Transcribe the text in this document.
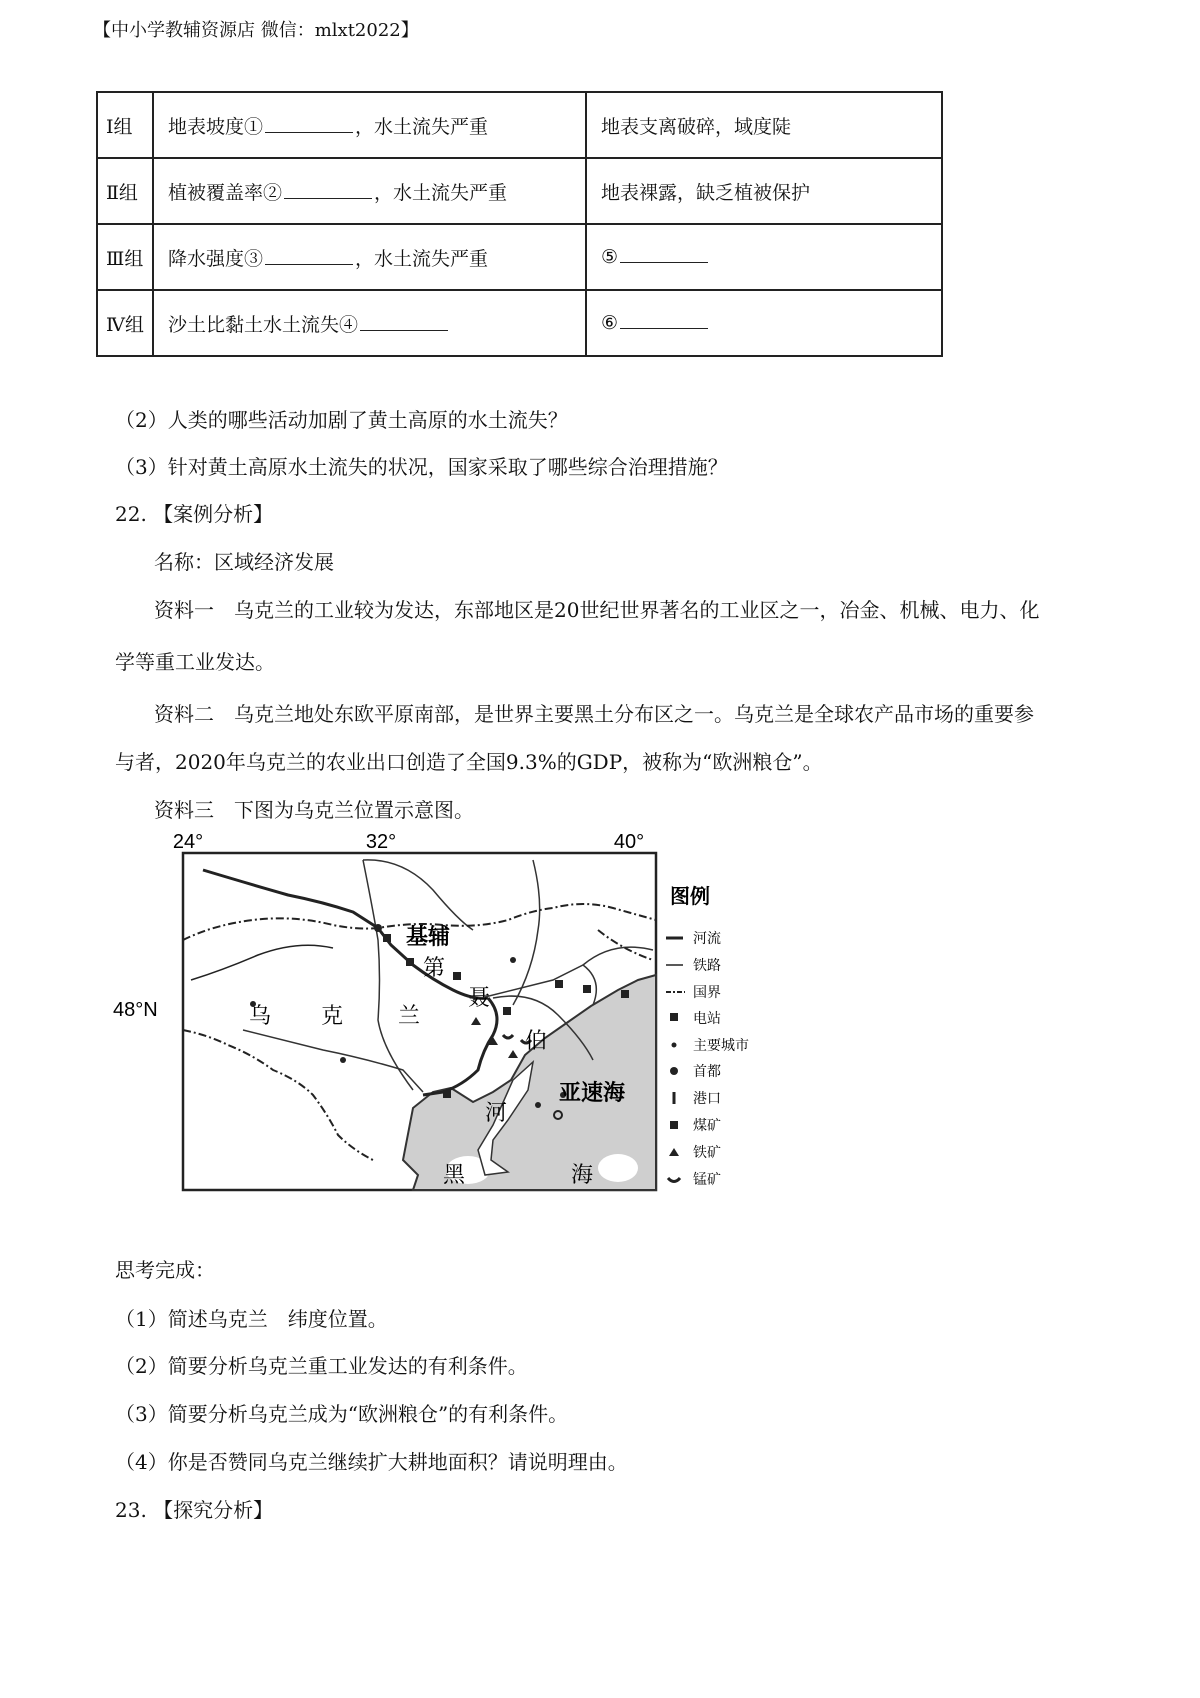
【中小学教辅资源店 微信：mlxt2022】
Ⅰ组	地表坡度① ，水土流失严重	地表支离破碎，域度陡
Ⅱ组	植被覆盖率② ，水土流失严重	地表裸露，缺乏植被保护
Ⅲ组	降水强度③ ，水土流失严重	⑤
Ⅳ组	沙土比黏土水土流失④	⑥
（2）人类的哪些活动加剧了黄土高原的水土流失？
（3）针对黄土高原水土流失的状况，国家采取了哪些综合治理措施？
22. 【案例分析】
名称：区域经济发展
资料一　乌克兰的工业较为发达，东部地区是20世纪世界著名的工业区之一，冶金、机械、电力、化
学等重工业发达。
资料二　乌克兰地处东欧平原南部，是世界主要黑土分布区之一。乌克兰是全球农产品市场的重要参
与者，2020年乌克兰的农业出口创造了全国9.3%的GDP，被称为“欧洲粮仓”。
资料三　下图为乌克兰位置示意图。
24°	32°	40°
48°N	乌 克 兰
基辅
第
聂
伯
河
亚速海
黑	海
图例
河流
铁路
国界
电站
主要城市
首都
港口
煤矿
铁矿
锰矿
思考完成：
（1）简述乌克兰　纬度位置。
（2）简要分析乌克兰重工业发达的有利条件。
（3）简要分析乌克兰成为“欧洲粮仓”的有利条件。
（4）你是否赞同乌克兰继续扩大耕地面积？请说明理由。
23. 【探究分析】
